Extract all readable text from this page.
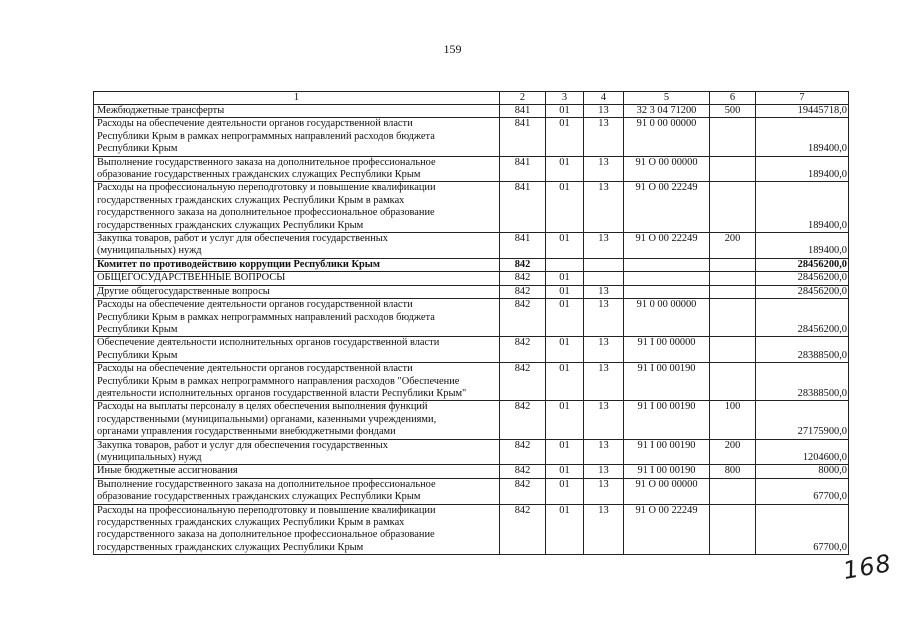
159
1	2	3	4	5	6	7

Межбюджетные трансферты	841	01	13	32 3 04 71200	500	19445718,0

Расходы на обеспечение деятельности органов государственной власти
Республики Крым в рамках непрограммных направлений расходов бюджета
Республики Крым	841	01	13	91 0 00 00000		189400,0

Выполнение государственного заказа на дополнительное профессиональное
образование государственных гражданских служащих Республики Крым	841	01	13	91 О 00 00000		189400,0

Расходы на профессиональную переподготовку и повышение квалификации
государственных гражданских служащих Республики Крым в рамках
государственного заказа на дополнительное профессиональное образование
государственных гражданских служащих Республики Крым	841	01	13	91 О 00 22249		189400,0

Закупка товаров, работ и услуг для обеспечения государственных
(муниципальных) нужд	841	01	13	91 О 00 22249	200	189400,0

Комитет по противодействию коррупции Республики Крым	842					28456200,0

ОБЩЕГОСУДАРСТВЕННЫЕ ВОПРОСЫ	842	01				28456200,0

Другие общегосударственные вопросы	842	01	13			28456200,0

Расходы на обеспечение деятельности органов государственной власти
Республики Крым в рамках непрограммных направлений расходов бюджета
Республики Крым	842	01	13	91 0 00 00000		28456200,0

Обеспечение деятельности исполнительных органов государственной власти
Республики Крым	842	01	13	91 I 00 00000		28388500,0

Расходы на обеспечение деятельности органов государственной власти
Республики Крым в рамках непрограммного направления расходов "Обеспечение
деятельности исполнительных органов государственной власти Республики Крым"	842	01	13	91 I 00 00190		28388500,0

Расходы на выплаты персоналу в целях обеспечения выполнения функций
государственными (муниципальными) органами, казенными учреждениями,
органами управления государственными внебюджетными фондами	842	01	13	91 I 00 00190	100	27175900,0

Закупка товаров, работ и услуг для обеспечения государственных
(муниципальных) нужд	842	01	13	91 I 00 00190	200	1204600,0

Иные бюджетные ассигнования	842	01	13	91 I 00 00190	800	8000,0

Выполнение государственного заказа на дополнительное профессиональное
образование государственных гражданских служащих Республики Крым	842	01	13	91 О 00 00000		67700,0

Расходы на профессиональную переподготовку и повышение квалификации
государственных гражданских служащих Республики Крым в рамках
государственного заказа на дополнительное профессиональное образование
государственных гражданских служащих Республики Крым	842	01	13	91 О 00 22249		67700,0
168
